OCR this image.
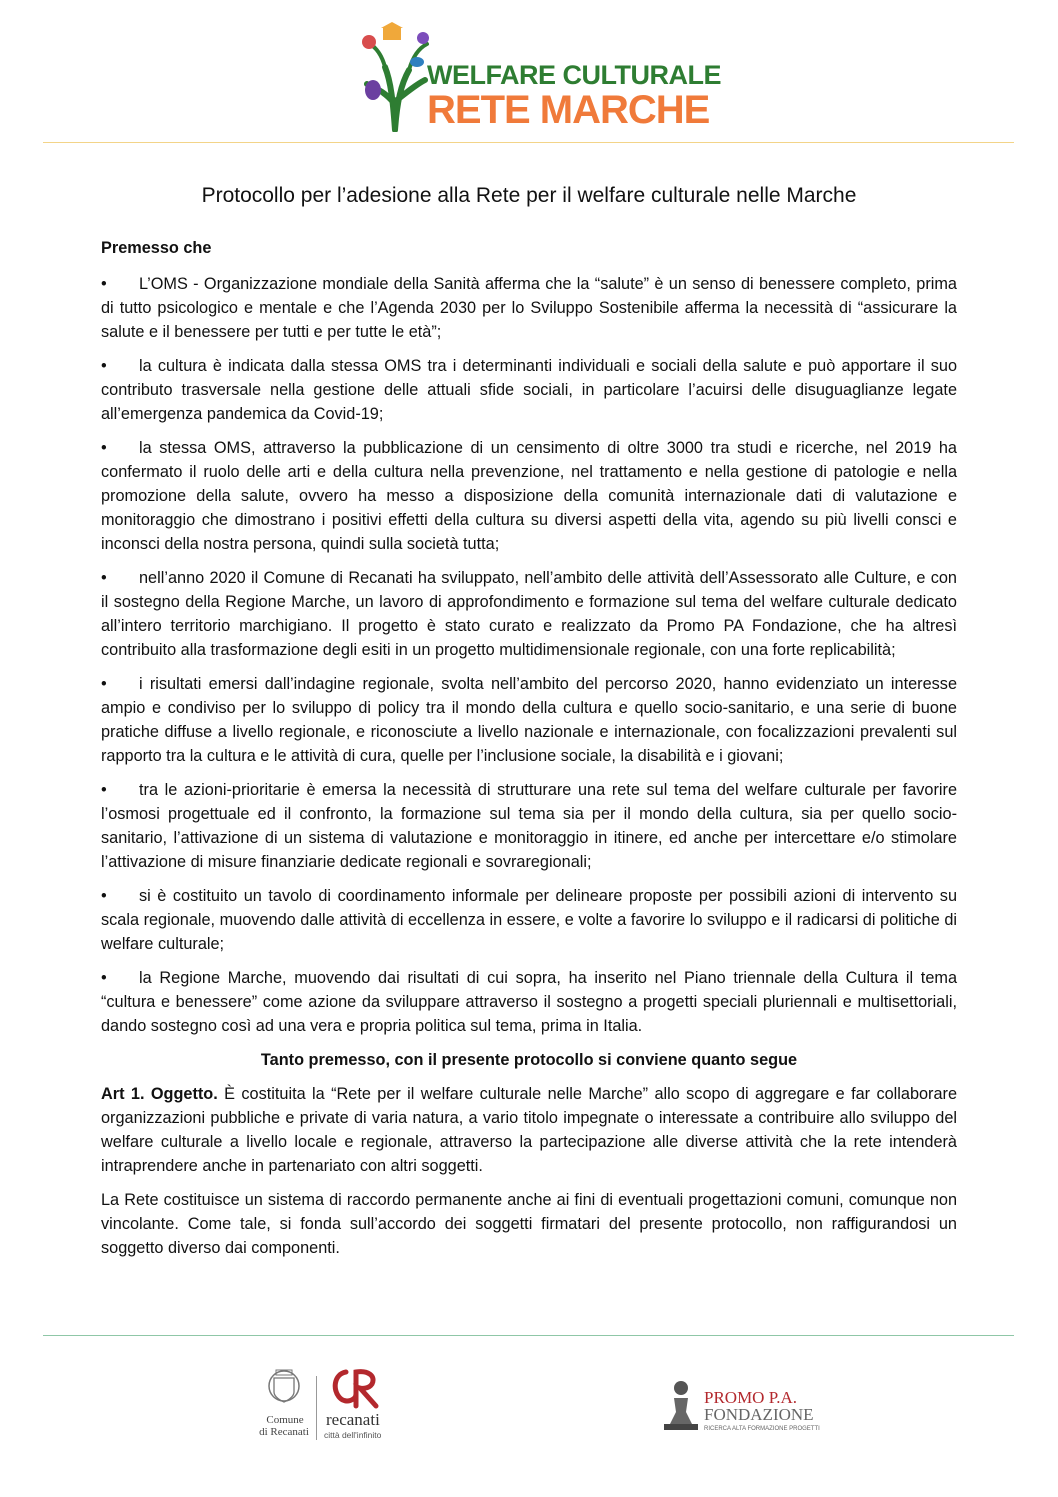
WELFARE CULTURALE
RETE MARCHE
Protocollo per l’adesione alla Rete per il welfare culturale nelle Marche

Premesso che

• L’OMS - Organizzazione mondiale della Sanità afferma che la “salute” è un senso di benessere completo, prima di tutto psicologico e mentale e che l’Agenda 2030 per lo Sviluppo Sostenibile afferma la necessità di “assicurare la salute e il benessere per tutti e per tutte le età”;

• la cultura è indicata dalla stessa OMS tra i determinanti individuali e sociali della salute e può apportare il suo contributo trasversale nella gestione delle attuali sfide sociali, in particolare l’acuirsi delle disuguaglianze legate all’emergenza pandemica da Covid-19;

• la stessa OMS, attraverso la pubblicazione di un censimento di oltre 3000 tra studi e ricerche, nel 2019 ha confermato il ruolo delle arti e della cultura nella prevenzione, nel trattamento e nella gestione di patologie e nella promozione della salute, ovvero ha messo a disposizione della comunità internazionale dati di valutazione e monitoraggio che dimostrano i positivi effetti della cultura su diversi aspetti della vita, agendo su più livelli consci e inconsci della nostra persona, quindi sulla società tutta;

• nell’anno 2020 il Comune di Recanati ha sviluppato, nell’ambito delle attività dell’Assessorato alle Culture, e con il sostegno della Regione Marche, un lavoro di approfondimento e formazione sul tema del welfare culturale dedicato all’intero territorio marchigiano. Il progetto è stato curato e realizzato da Promo PA Fondazione, che ha altresì contribuito alla trasformazione degli esiti in un progetto multidimensionale regionale, con una forte replicabilità;

• i risultati emersi dall’indagine regionale, svolta nell’ambito del percorso 2020, hanno evidenziato un interesse ampio e condiviso per lo sviluppo di policy tra il mondo della cultura e quello socio-sanitario, e una serie di buone pratiche diffuse a livello regionale, e riconosciute a livello nazionale e internazionale, con focalizzazioni prevalenti sul rapporto tra la cultura e le attività di cura, quelle per l’inclusione sociale, la disabilità e i giovani;

• tra le azioni-prioritarie è emersa la necessità di strutturare una rete sul tema del welfare culturale per favorire l’osmosi progettuale ed il confronto, la formazione sul tema sia per il mondo della cultura, sia per quello socio-sanitario, l’attivazione di un sistema di valutazione e monitoraggio in itinere, ed anche per intercettare e/o stimolare l’attivazione di misure finanziarie dedicate regionali e sovraregionali;

• si è costituito un tavolo di coordinamento informale per delineare proposte per possibili azioni di intervento su scala regionale, muovendo dalle attività di eccellenza in essere, e volte a favorire lo sviluppo e il radicarsi di politiche di welfare culturale;

• la Regione Marche, muovendo dai risultati di cui sopra, ha inserito nel Piano triennale della Cultura il tema “cultura e benessere” come azione da sviluppare attraverso il sostegno a progetti speciali pluriennali e multisettoriali, dando sostegno così ad una vera e propria politica sul tema, prima in Italia.

Tanto premesso, con il presente protocollo si conviene quanto segue

Art 1. Oggetto. È costituita la “Rete per il welfare culturale nelle Marche” allo scopo di aggregare e far collaborare organizzazioni pubbliche e private di varia natura, a vario titolo impegnate o interessate a contribuire allo sviluppo del welfare culturale a livello locale e regionale, attraverso la partecipazione alle diverse attività che la rete intenderà intraprendere anche in partenariato con altri soggetti.

La Rete costituisce un sistema di raccordo permanente anche ai fini di eventuali progettazioni comuni, comunque non vincolante. Come tale, si fonda sull’accordo dei soggetti firmatari del presente protocollo, non raffigurandosi un soggetto diverso dai componenti.

Comune
di Recanati
recanati
città dell'infinito
PROMO P.A.
FONDAZIONE
RICERCA ALTA FORMAZIONE PROGETTI
